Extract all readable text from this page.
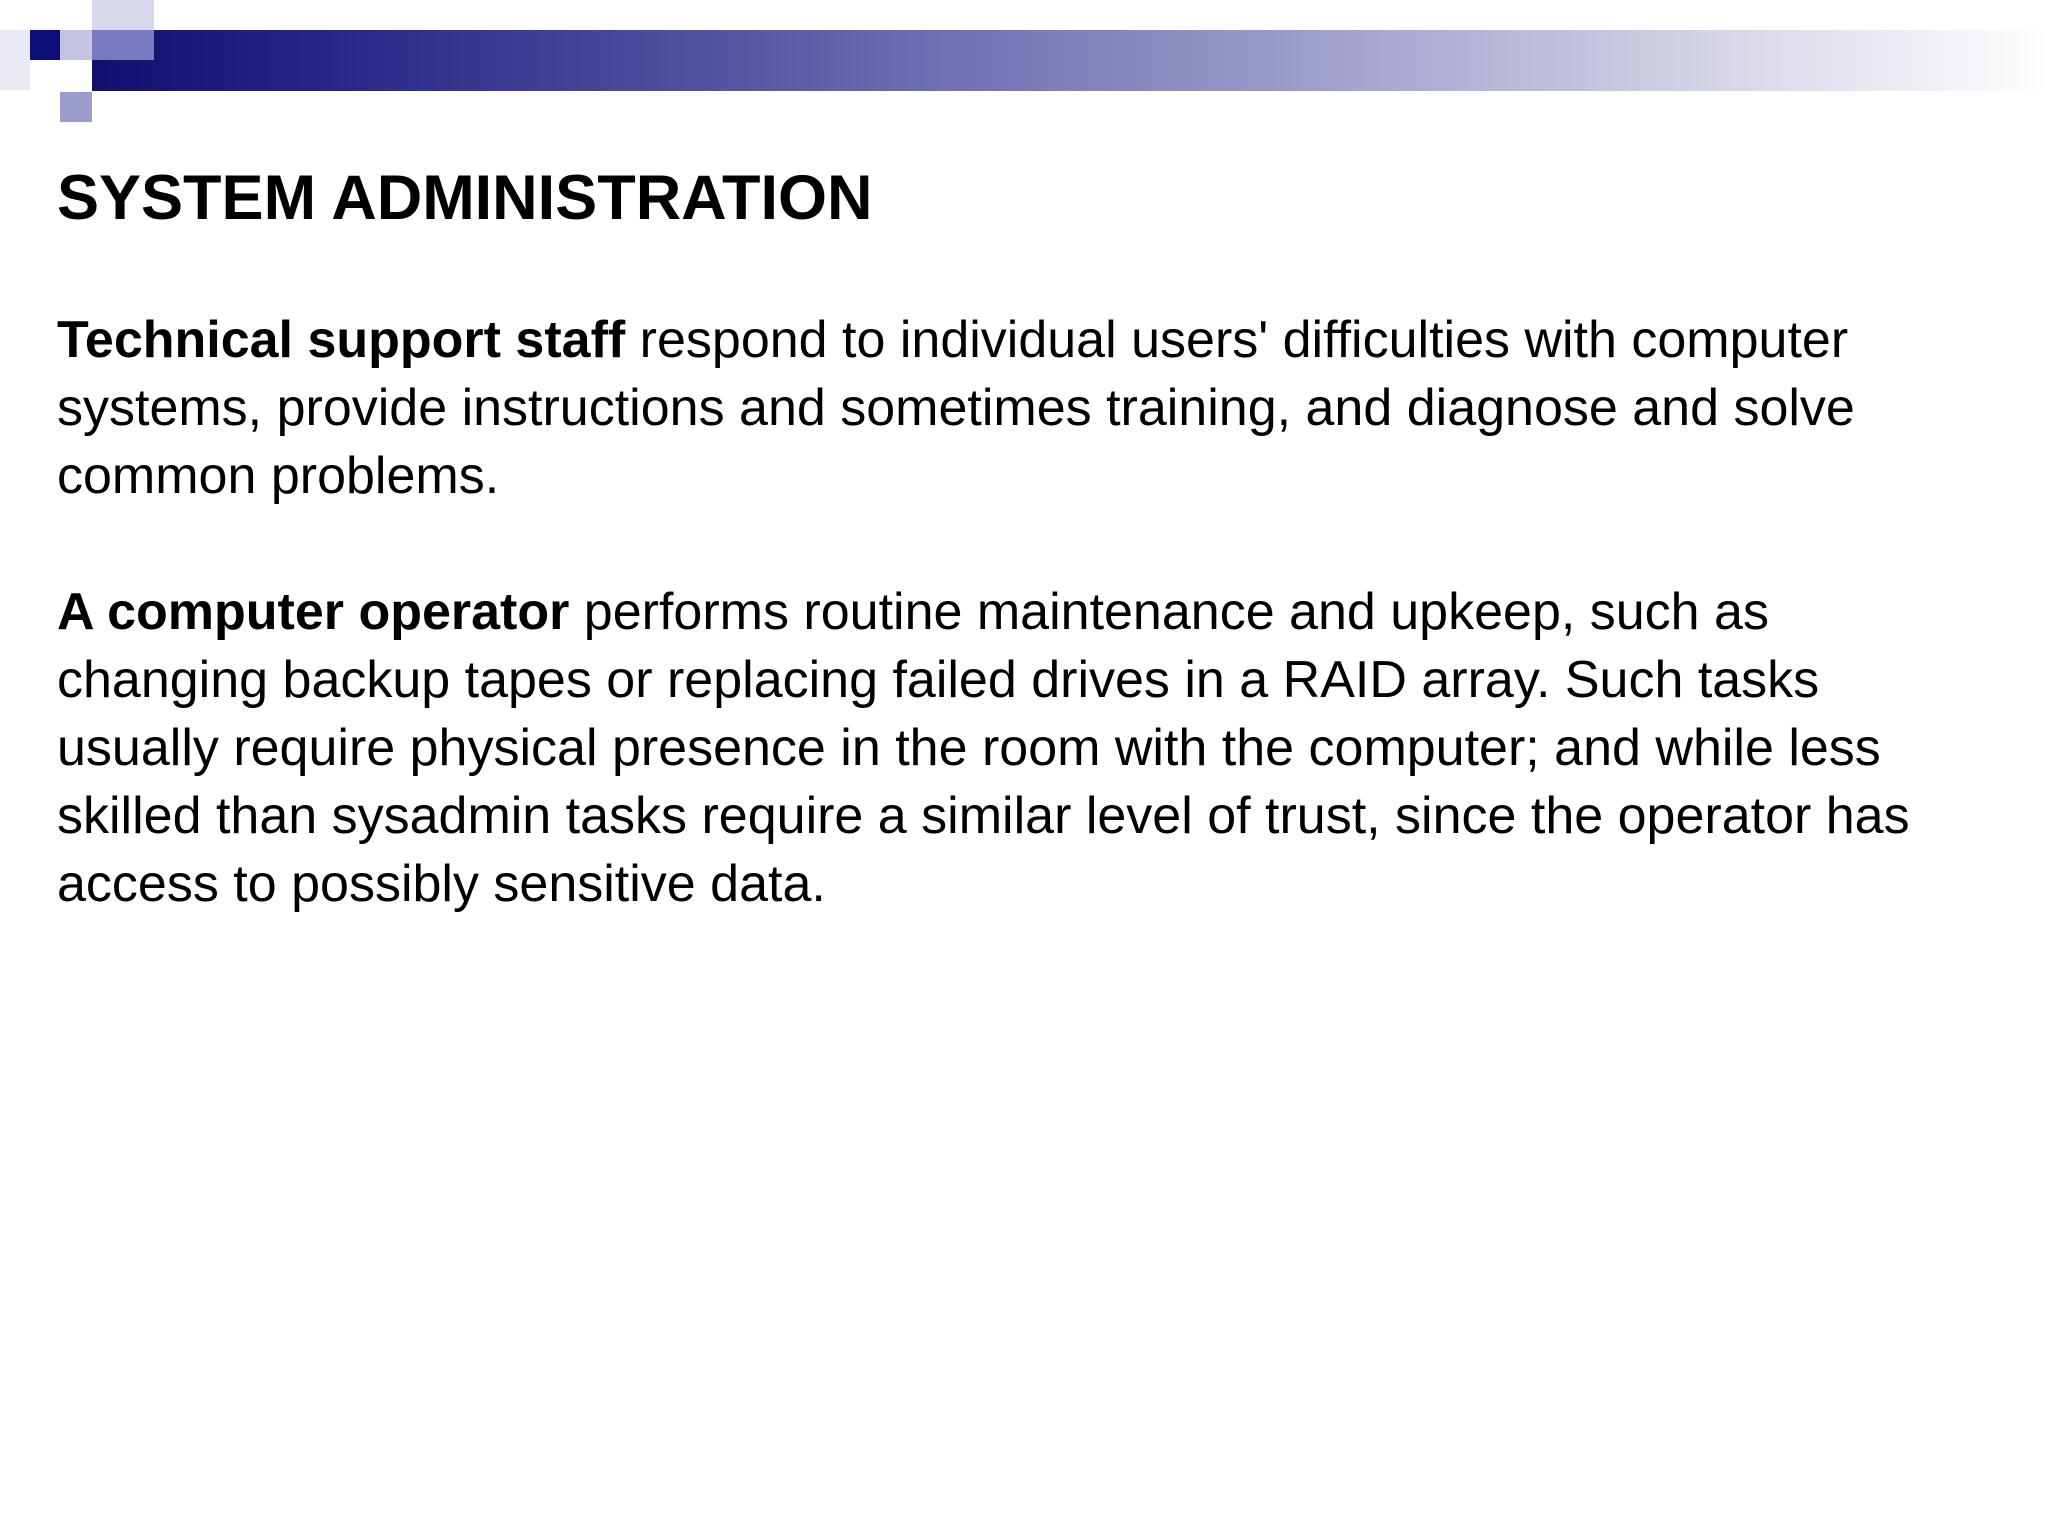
SYSTEM ADMINISTRATION

Technical support staff respond to individual users' difficulties with computer systems, provide instructions and sometimes training, and diagnose and solve common problems.

A computer operator performs routine maintenance and upkeep, such as changing backup tapes or replacing failed drives in a RAID array. Such tasks usually require physical presence in the room with the computer; and while less skilled than sysadmin tasks require a similar level of trust, since the operator has access to possibly sensitive data.
